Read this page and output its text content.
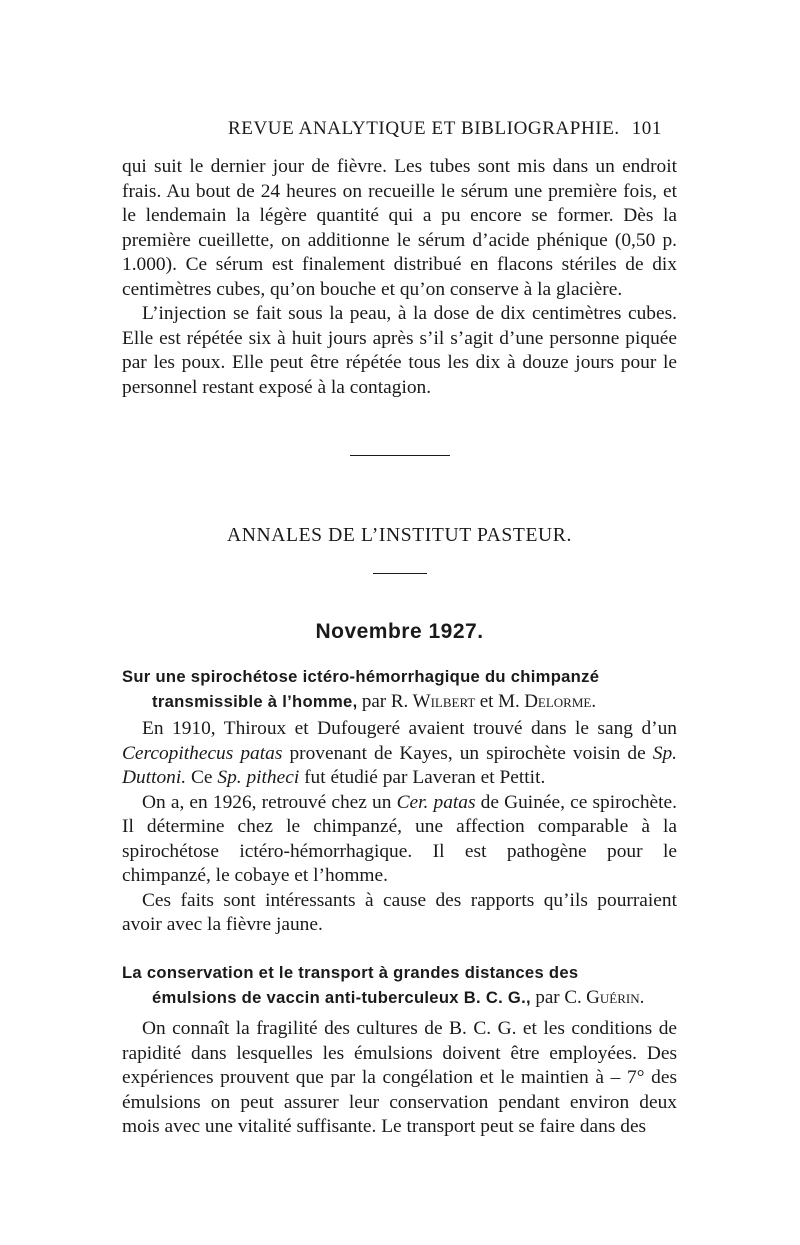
REVUE ANALYTIQUE ET BIBLIOGRAPHIE. 101

qui suit le dernier jour de fièvre. Les tubes sont mis dans un endroit frais. Au bout de 24 heures on recueille le sérum une première fois, et le lendemain la légère quantité qui a pu encore se former. Dès la première cueillette, on additionne le sérum d’acide phénique (0,50 p. 1.000). Ce sérum est finalement distribué en flacons stériles de dix centimètres cubes, qu’on bouche et qu’on conserve à la glacière.

L’injection se fait sous la peau, à la dose de dix centimètres cubes. Elle est répétée six à huit jours après s’il s’agit d’une personne piquée par les poux. Elle peut être répétée tous les dix à douze jours pour le personnel restant exposé à la contagion.

ANNALES DE L’INSTITUT PASTEUR.
Novembre 1927.
Sur une spirochétose ictéro-hémorrhagique du chimpanzé
transmissible à l’homme, par R. Wilbert et M. Delorme.

En 1910, Thiroux et Dufougeré avaient trouvé dans le sang d’un Cercopithecus patas provenant de Kayes, un spirochète voisin de Sp. Duttoni. Ce Sp. pitheci fut étudié par Laveran et Pettit.

On a, en 1926, retrouvé chez un Cer. patas de Guinée, ce spirochète. Il détermine chez le chimpanzé, une affection comparable à la spirochétose ictéro-hémorrhagique. Il est pathogène pour le chimpanzé, le cobaye et l’homme.

Ces faits sont intéressants à cause des rapports qu’ils pourraient avoir avec la fièvre jaune.

La conservation et le transport à grandes distances des
émulsions de vaccin anti-tuberculeux B. C. G., par C. Guérin.

On connaît la fragilité des cultures de B. C. G. et les conditions de rapidité dans lesquelles les émulsions doivent être employées. Des expériences prouvent que par la congélation et le maintien à – 7° des émulsions on peut assurer leur conservation pendant environ deux mois avec une vitalité suffisante. Le transport peut se faire dans des
